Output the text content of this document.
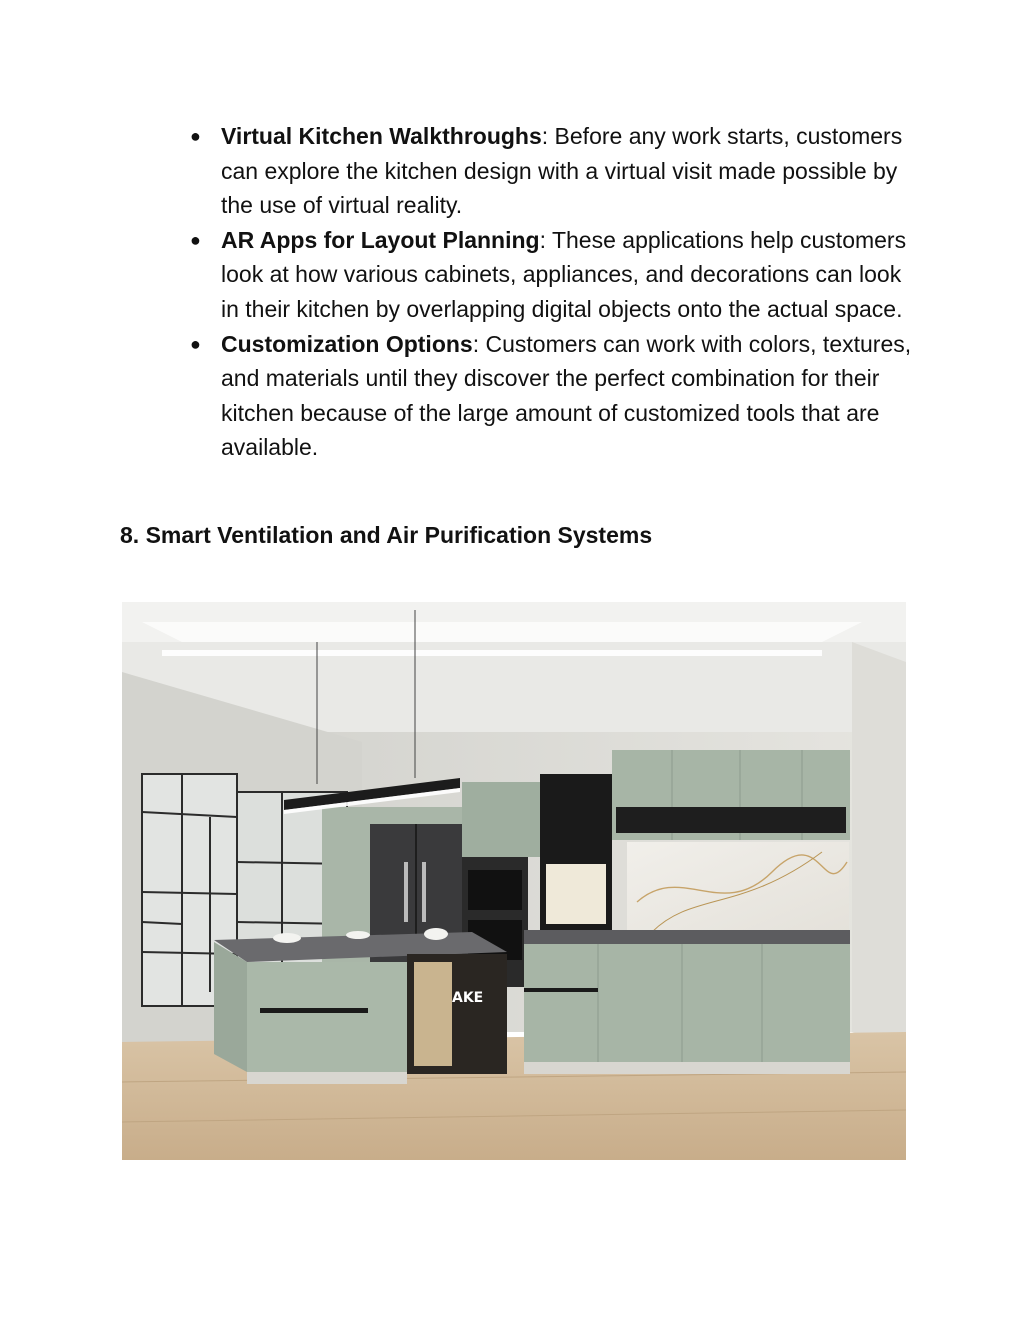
● Virtual Kitchen Walkthroughs: Before any work starts, customers can explore the kitchen design with a virtual visit made possible by the use of virtual reality.
● AR Apps for Layout Planning: These applications help customers look at how various cabinets, appliances, and decorations can look in their kitchen by overlapping digital objects onto the actual space.
● Customization Options: Customers can work with colors, textures, and materials until they discover the perfect combination for their kitchen because of the large amount of customized tools that are available.
8. Smart Ventilation and Air Purification Systems
AKE
